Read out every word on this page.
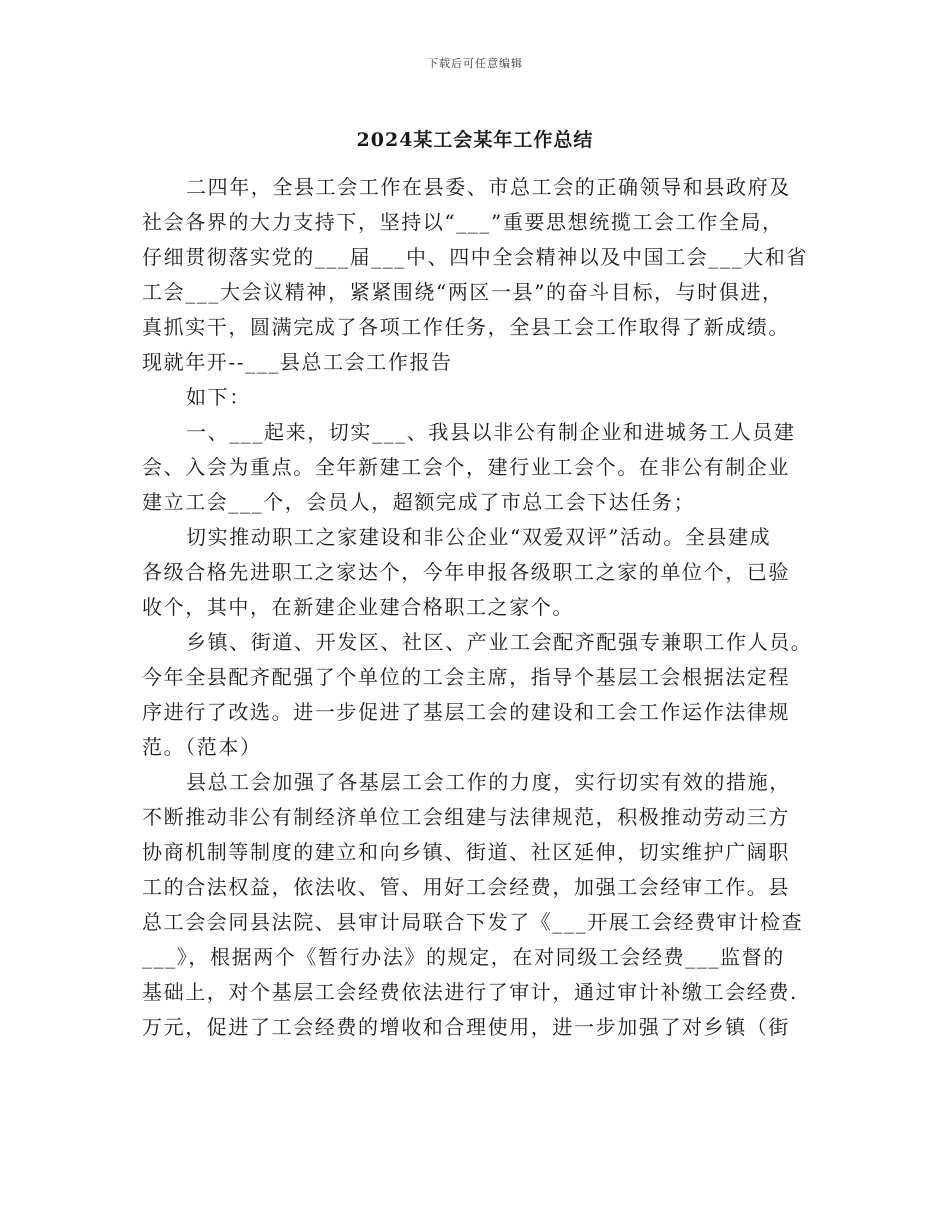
下载后可任意编辑
2024某工会某年工作总结
二四年，全县工会工作在县委、市总工会的正确领导和县政府及
社会各界的大力支持下，坚持以“___”重要思想统揽工会工作全局，
仔细贯彻落实党的___届___中、四中全会精神以及中国工会___大和省
工会___大会议精神，紧紧围绕“两区一县”的奋斗目标，与时俱进，
真抓实干，圆满完成了各项工作任务，全县工会工作取得了新成绩。
现就年开--___县总工会工作报告
如下：
一、___起来，切实___、我县以非公有制企业和进城务工人员建
会、入会为重点。全年新建工会个，建行业工会个。在非公有制企业
建立工会___个，会员人，超额完成了市总工会下达任务；
切实推动职工之家建设和非公企业“双爱双评”活动。全县建成
各级合格先进职工之家达个，今年申报各级职工之家的单位个，已验
收个，其中，在新建企业建合格职工之家个。
乡镇、街道、开发区、社区、产业工会配齐配强专兼职工作人员。
今年全县配齐配强了个单位的工会主席，指导个基层工会根据法定程
序进行了改选。进一步促进了基层工会的建设和工会工作运作法律规
范。（范本）
县总工会加强了各基层工会工作的力度，实行切实有效的措施，
不断推动非公有制经济单位工会组建与法律规范，积极推动劳动三方
协商机制等制度的建立和向乡镇、街道、社区延伸，切实维护广阔职
工的合法权益，依法收、管、用好工会经费，加强工会经审工作。县
总工会会同县法院、县审计局联合下发了《___开展工会经费审计检查
___》，根据两个《暂行办法》的规定，在对同级工会经费___监督的
基础上，对个基层工会经费依法进行了审计，通过审计补缴工会经费.
万元，促进了工会经费的增收和合理使用，进一步加强了对乡镇（街
